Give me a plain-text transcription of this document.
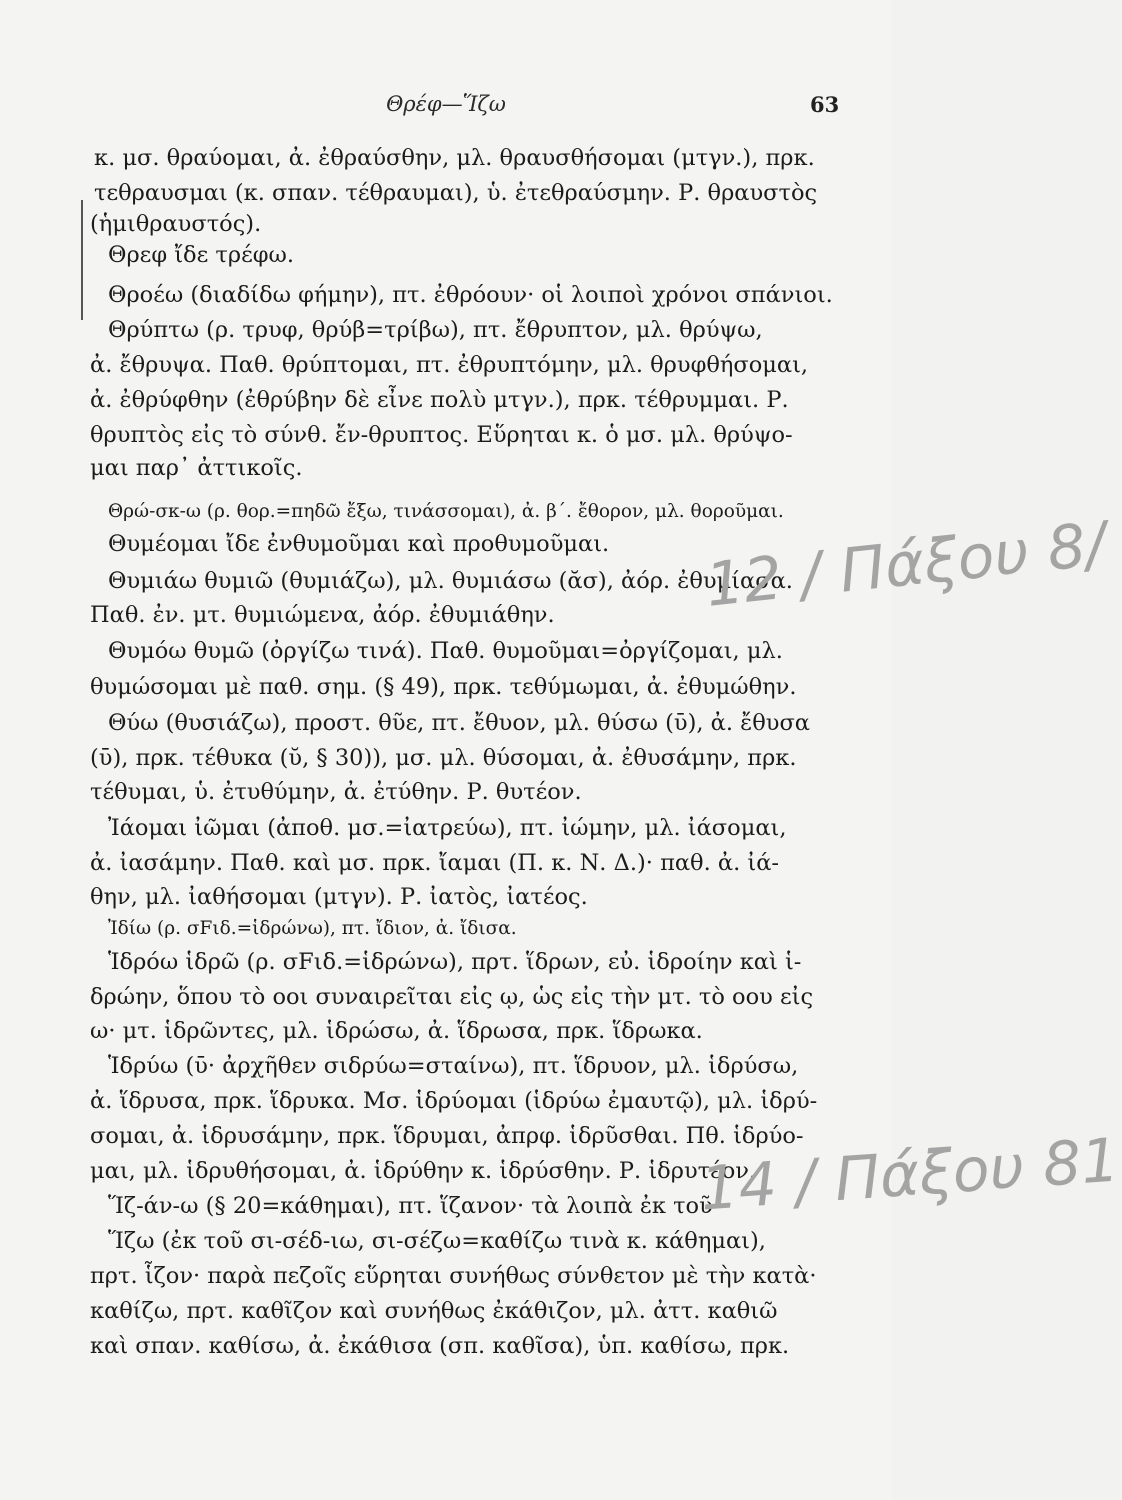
Θρέφ—Ἵζω	63
κ. μσ. θραύομαι, ἀ. ἐθραύσθην, μλ. θραυσθήσομαι (μτγν.), πρκ.
τεθραυσμαι (κ. σπαν. τέθραυμαι), ὑ. ἐτεθραύσμην. Ρ. θραυστὸς
(ἡμιθραυστός).
Θρεφ ἴδε τρέφω.
Θροέω (διαδίδω φήμην), πτ. ἐθρόουν· οἱ λοιποὶ χρόνοι σπάνιοι.
Θρύπτω (ρ. τρυφ, θρύβ=τρίβω), πτ. ἔθρυπτον, μλ. θρύψω,
ἀ. ἔθρυψα. Παθ. θρύπτομαι, πτ. ἐθρυπτόμην, μλ. θρυφθήσομαι,
ἀ. ἐθρύφθην (ἐθρύβην δὲ εἶνε πολὺ μτγν.), πρκ. τέθρυμμαι. Ρ.
θρυπτὸς εἰς τὸ σύνθ. ἔν-θρυπτος. Εὕρηται κ. ὁ μσ. μλ. θρύψο-
μαι παρ᾽ ἀττικοῖς.
Θρώ-σκ-ω (ρ. θορ.=πηδῶ ἔξω, τινάσσομαι), ἀ. β΄. ἔθορον, μλ. θοροῦμαι.
Θυμέομαι ἴδε ἐνθυμοῦμαι καὶ προθυμοῦμαι.
Θυμιάω θυμιῶ (θυμιάζω), μλ. θυμιάσω (ᾰσ), ἀόρ. ἐθυμίασα.
Παθ. ἐν. μτ. θυμιώμενα, ἀόρ. ἐθυμιάθην.
Θυμόω θυμῶ (ὀργίζω τινά). Παθ. θυμοῦμαι=ὀργίζομαι, μλ.
θυμώσομαι μὲ παθ. σημ. (§ 49), πρκ. τεθύμωμαι, ἀ. ἐθυμώθην.
Θύω (θυσιάζω), προστ. θῦε, πτ. ἔθυον, μλ. θύσω (ῡ), ἀ. ἔθυσα
(ῡ), πρκ. τέθυκα (ῠ, § 30)), μσ. μλ. θύσομαι, ἀ. ἐθυσάμην, πρκ.
τέθυμαι, ὑ. ἐτυθύμην, ἀ. ἐτύθην. Ρ. θυτέον.
Ἰάομαι ἰῶμαι (ἀποθ. μσ.=ἰατρεύω), πτ. ἰώμην, μλ. ἰάσομαι,
ἀ. ἰασάμην. Παθ. καὶ μσ. πρκ. ἴαμαι (Π. κ. Ν. Δ.)· παθ. ἀ. ἰά-
θην, μλ. ἰαθήσομαι (μτγν). Ρ. ἰατὸς, ἰατέος.
Ἰδίω (ρ. σFιδ.=ἱδρώνω), πτ. ἴδιον, ἀ. ἴδισα.
Ἱδρόω ἱδρῶ (ρ. σFιδ.=ἱδρώνω), πρτ. ἵδρων, εὐ. ἱδροίην καὶ ἱ-
δρώην, ὅπου τὸ οοι συναιρεῖται εἰς ῳ, ὡς εἰς τὴν μτ. τὸ οου εἰς
ω· μτ. ἱδρῶντες, μλ. ἱδρώσω, ἀ. ἵδρωσα, πρκ. ἵδρωκα.
Ἱδρύω (ῡ· ἀρχῆθεν σιδρύω=σταίνω), πτ. ἵδρυον, μλ. ἱδρύσω,
ἀ. ἵδρυσα, πρκ. ἵδρυκα. Μσ. ἱδρύομαι (ἱδρύω ἐμαυτῷ), μλ. ἱδρύ-
σομαι, ἀ. ἱδρυσάμην, πρκ. ἵδρυμαι, ἀπρφ. ἱδρῦσθαι. Πθ. ἱδρύο-
μαι, μλ. ἱδρυθήσομαι, ἀ. ἱδρύθην κ. ἱδρύσθην. Ρ. ἱδρυτέον.
Ἵζ-άν-ω (§ 20=κάθημαι), πτ. ἵζανον· τὰ λοιπὰ ἐκ τοῦ
Ἵζω (ἐκ τοῦ σι-σέδ-ιω, σι-σέζω=καθίζω τινὰ κ. κάθημαι),
πρτ. ἷζον· παρὰ πεζοῖς εὕρηται συνήθως σύνθετον μὲ τὴν κατὰ·
καθίζω, πρτ. καθῖζον καὶ συνήθως ἐκάθιζον, μλ. ἀττ. καθιῶ
καὶ σπαν. καθίσω, ἀ. ἐκάθισα (σπ. καθῖσα), ὑπ. καθίσω, πρκ.
12 / Πάξου 8/
14 / Πάξου 81
